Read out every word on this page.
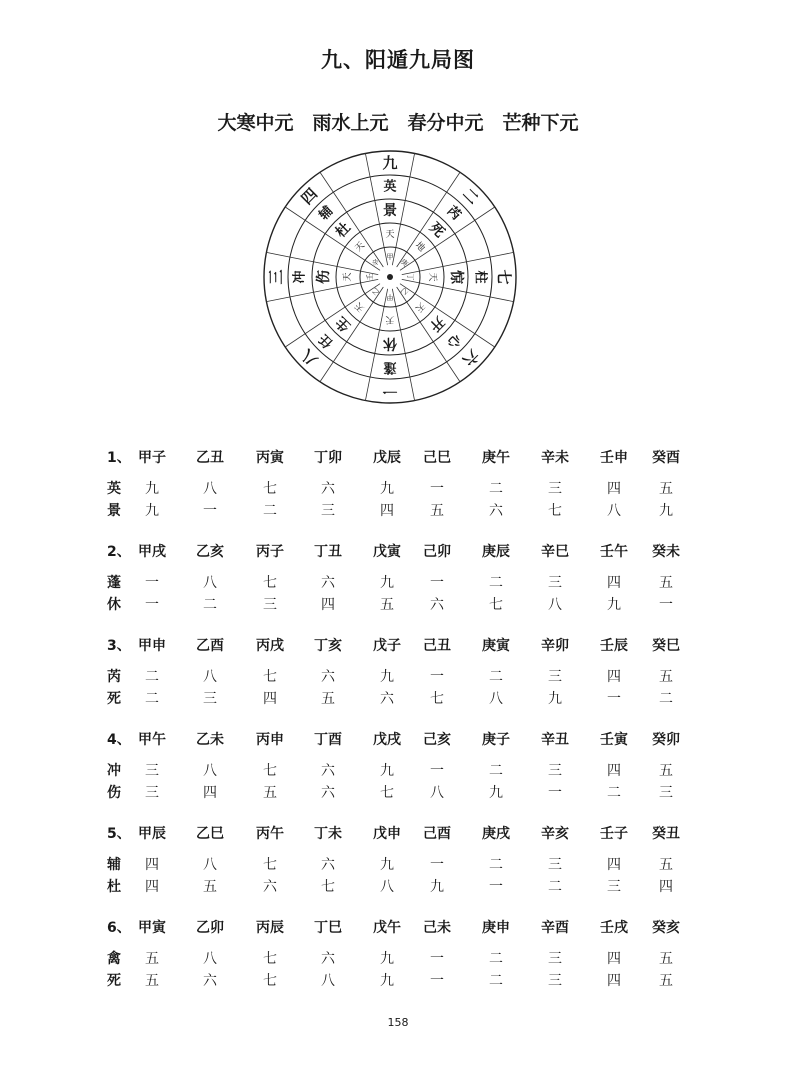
九、阳遁九局图
大寒中元　雨水上元　春分中元　芒种下元
九
英
景
天
甲
二
芮
死
地
庚
七
柱
惊
天
丁
六
心
开
天
乙
一
蓬
休
天
甲
八
任
生
天
乙
三 冲 伤 天 壬
四
辅
杜
天
辛
1、 甲子	乙丑	丙寅	丁卯	戊辰	己巳	庚午	辛未	壬申	癸酉
英	九	八	七	六	九	一	二	三	四	五
景	九	一	二	三	四	五	六	七	八	九
2、 甲戌	乙亥	丙子	丁丑	戊寅	己卯	庚辰	辛巳	壬午	癸未
蓬	一	八	七	六	九	一	二	三	四	五
休	一	二	三	四	五	六	七	八	九	一
3、 甲申	乙酉	丙戌	丁亥	戊子	己丑	庚寅	辛卯	壬辰	癸巳
芮	二	八	七	六	九	一	二	三	四	五
死	二	三	四	五	六	七	八	九	一	二
4、 甲午	乙未	丙申	丁酉	戊戌	己亥	庚子	辛丑	壬寅	癸卯
冲	三	八	七	六	九	一	二	三	四	五
伤	三	四	五	六	七	八	九	一	二	三
5、 甲辰	乙巳	丙午	丁未	戊申	己酉	庚戌	辛亥	壬子	癸丑
辅	四	八	七	六	九	一	二	三	四	五
杜	四	五	六	七	八	九	一	二	三	四
6、 甲寅	乙卯	丙辰	丁巳	戊午	己未	庚申	辛酉	壬戌	癸亥
禽	五	八	七	六	九	一	二	三	四	五
死	五	六	七	八	九	一	二	三	四	五
158
